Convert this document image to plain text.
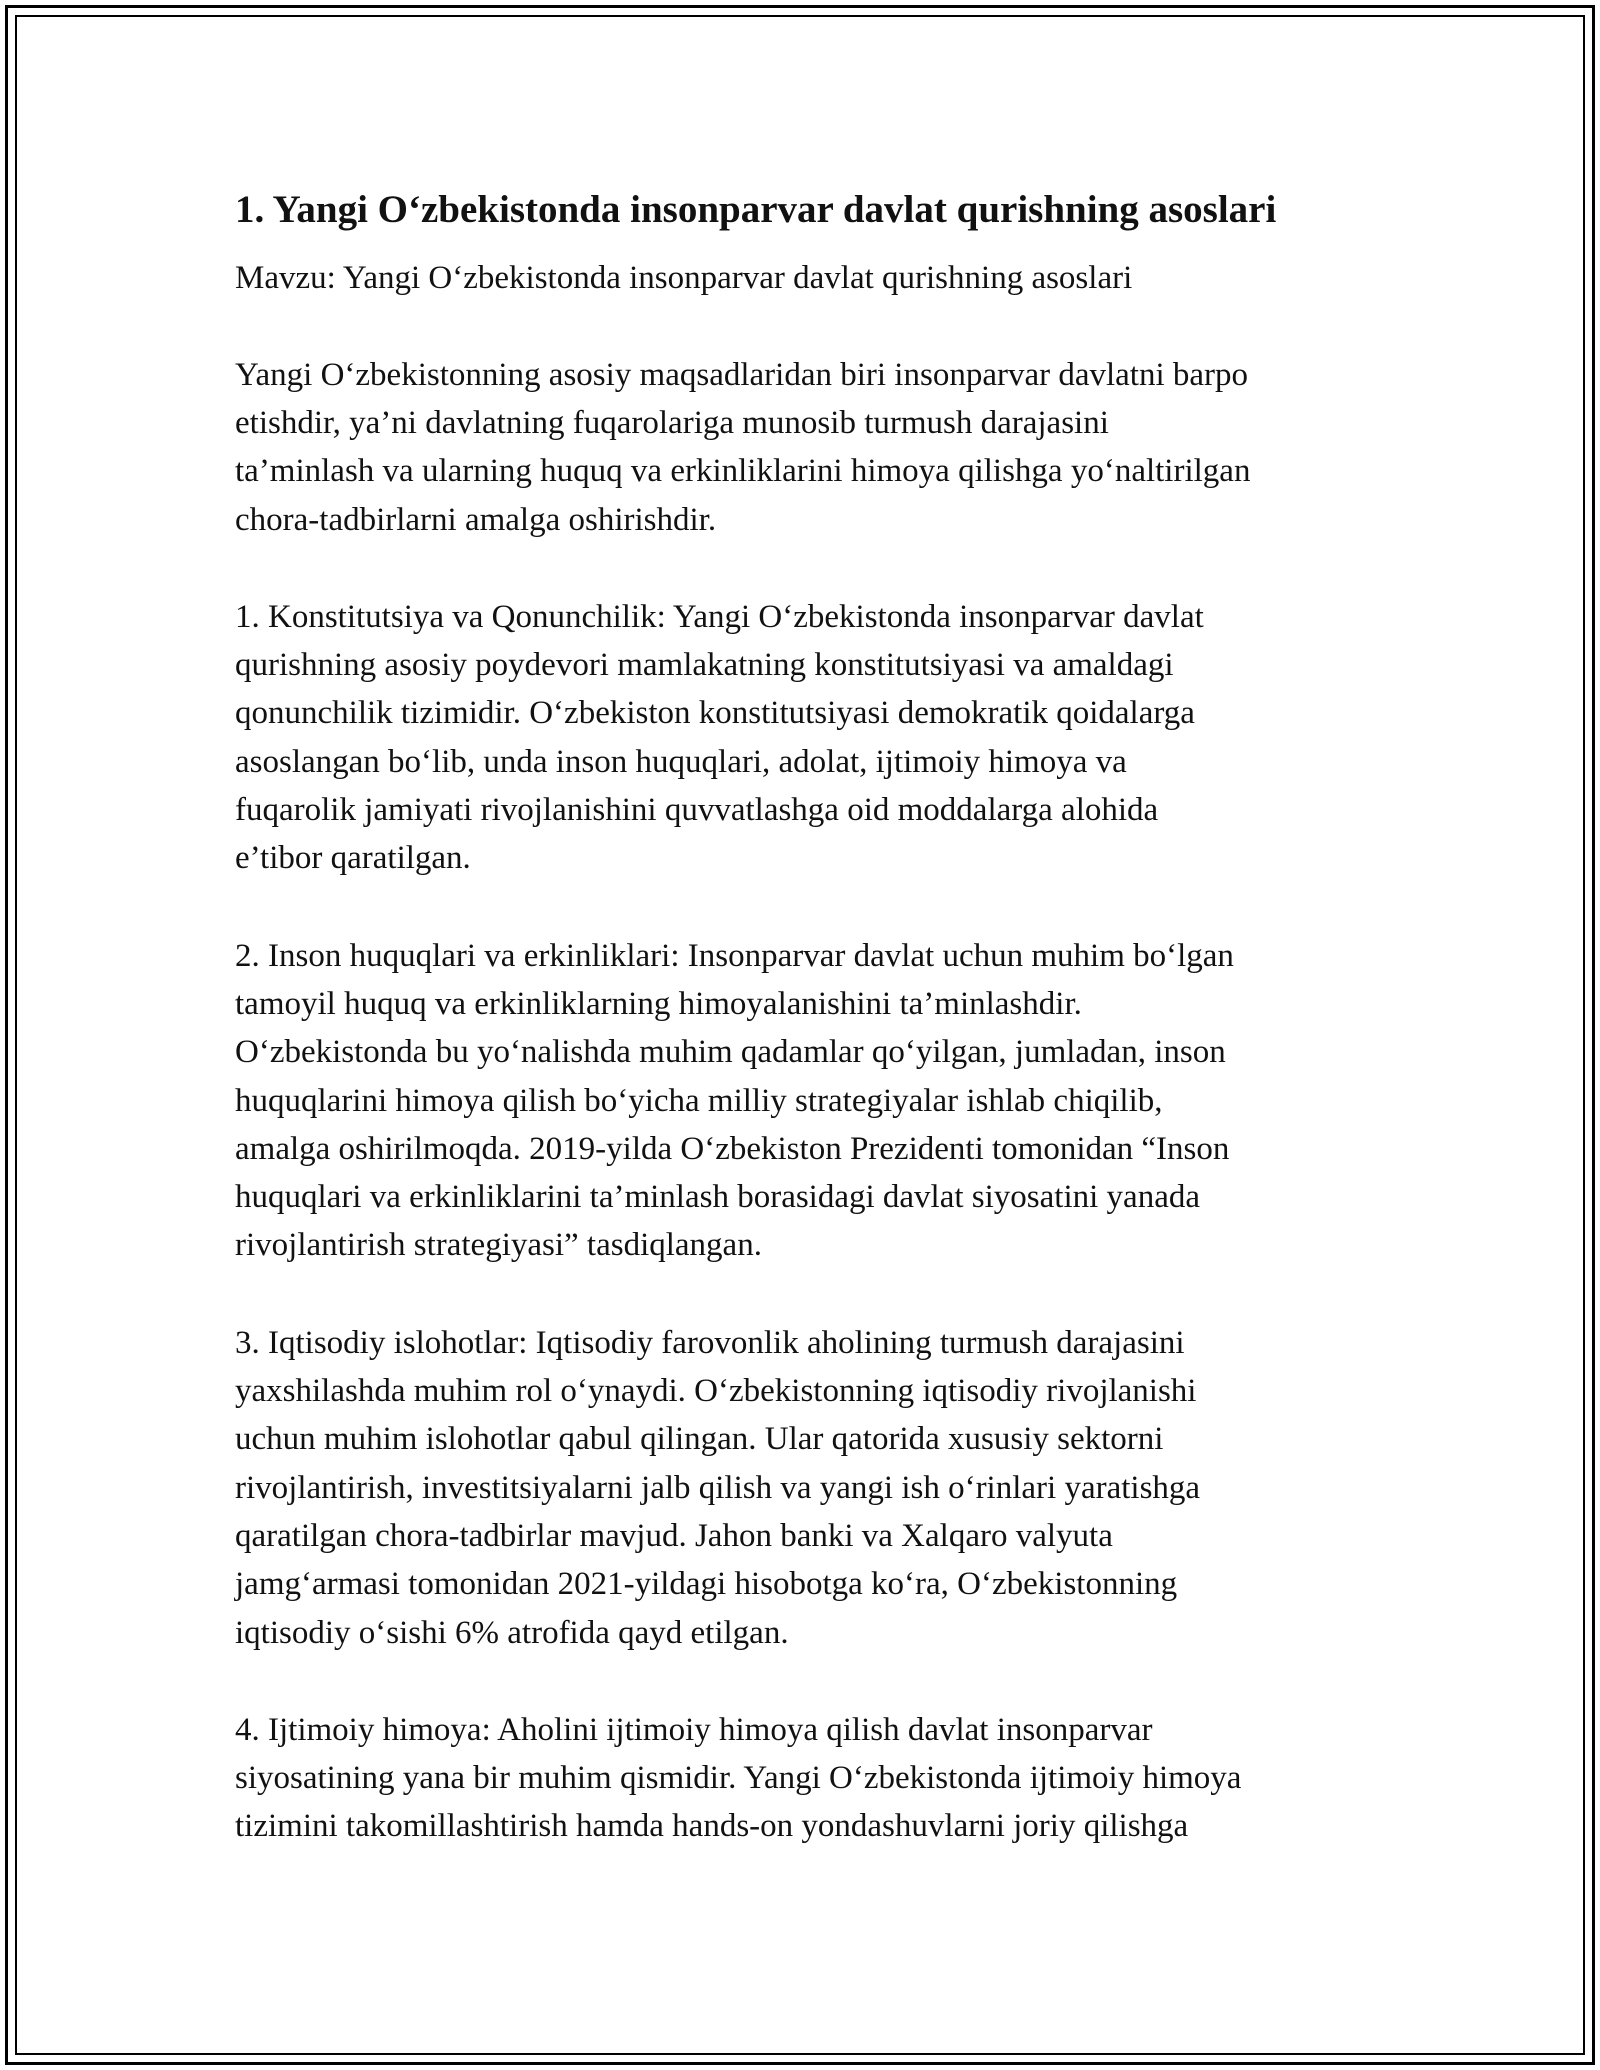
1. Yangi O‘zbekistonda insonparvar davlat qurishning asoslari
Mavzu: Yangi O‘zbekistonda insonparvar davlat qurishning asoslari
Yangi O‘zbekistonning asosiy maqsadlaridan biri insonparvar davlatni barpo
etishdir, ya’ni davlatning fuqarolariga munosib turmush darajasini
ta’minlash va ularning huquq va erkinliklarini himoya qilishga yo‘naltirilgan
chora-tadbirlarni amalga oshirishdir.
1. Konstitutsiya va Qonunchilik: Yangi O‘zbekistonda insonparvar davlat
qurishning asosiy poydevori mamlakatning konstitutsiyasi va amaldagi
qonunchilik tizimidir. O‘zbekiston konstitutsiyasi demokratik qoidalarga
asoslangan bo‘lib, unda inson huquqlari, adolat, ijtimoiy himoya va
fuqarolik jamiyati rivojlanishini quvvatlashga oid moddalarga alohida
e’tibor qaratilgan.
2. Inson huquqlari va erkinliklari: Insonparvar davlat uchun muhim bo‘lgan
tamoyil huquq va erkinliklarning himoyalanishini ta’minlashdir.
O‘zbekistonda bu yo‘nalishda muhim qadamlar qo‘yilgan, jumladan, inson
huquqlarini himoya qilish bo‘yicha milliy strategiyalar ishlab chiqilib,
amalga oshirilmoqda. 2019-yilda O‘zbekiston Prezidenti tomonidan “Inson
huquqlari va erkinliklarini ta’minlash borasidagi davlat siyosatini yanada
rivojlantirish strategiyasi” tasdiqlangan.
3. Iqtisodiy islohotlar: Iqtisodiy farovonlik aholining turmush darajasini
yaxshilashda muhim rol o‘ynaydi. O‘zbekistonning iqtisodiy rivojlanishi
uchun muhim islohotlar qabul qilingan. Ular qatorida xususiy sektorni
rivojlantirish, investitsiyalarni jalb qilish va yangi ish o‘rinlari yaratishga
qaratilgan chora-tadbirlar mavjud. Jahon banki va Xalqaro valyuta
jamg‘armasi tomonidan 2021-yildagi hisobotga ko‘ra, O‘zbekistonning
iqtisodiy o‘sishi 6% atrofida qayd etilgan.
4. Ijtimoiy himoya: Aholini ijtimoiy himoya qilish davlat insonparvar
siyosatining yana bir muhim qismidir. Yangi O‘zbekistonda ijtimoiy himoya
tizimini takomillashtirish hamda hands-on yondashuvlarni joriy qilishga
